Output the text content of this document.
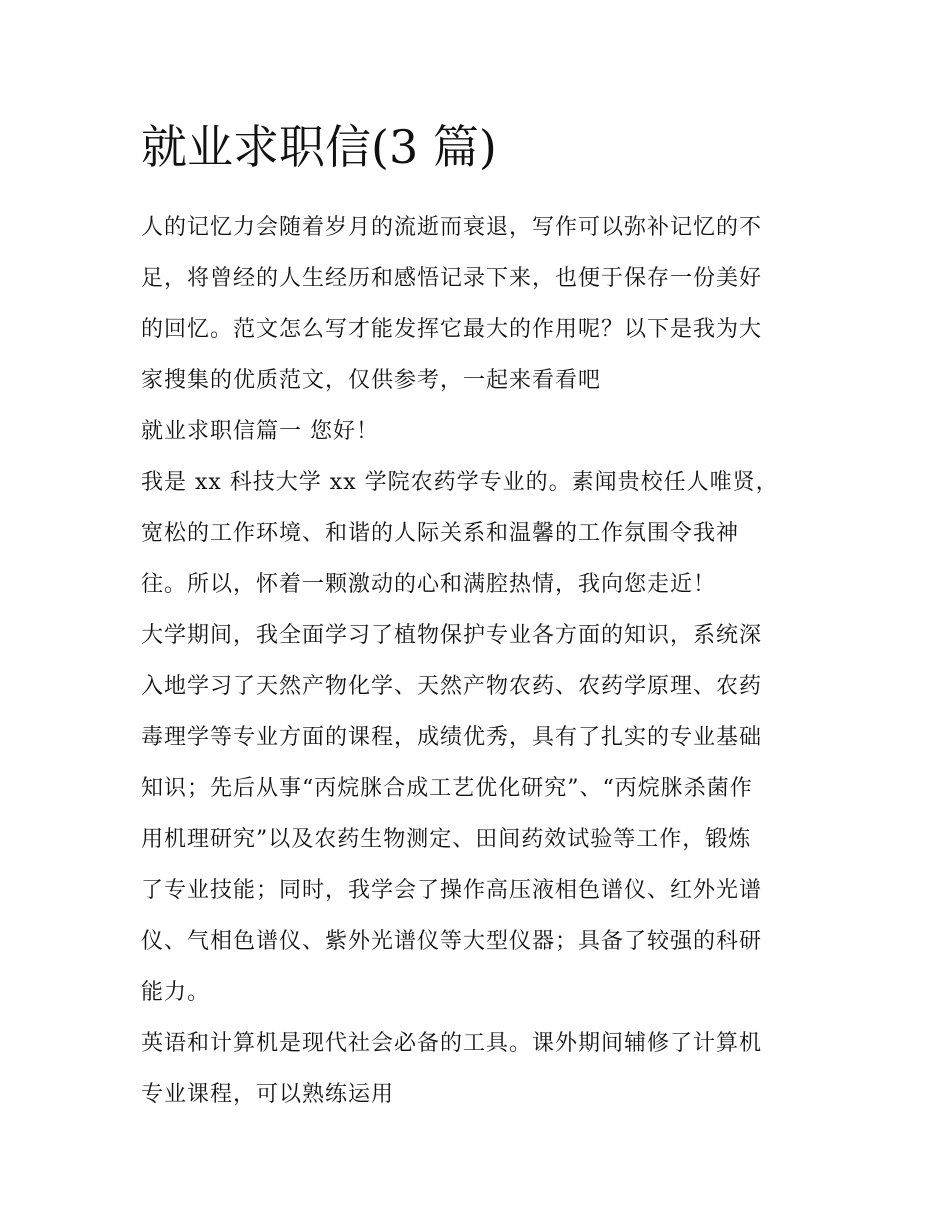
就业求职信(3 篇)

人的记忆力会随着岁月的流逝而衰退，写作可以弥补记忆的不
足，将曾经的人生经历和感悟记录下来，也便于保存一份美好
的回忆。范文怎么写才能发挥它最大的作用呢？以下是我为大
家搜集的优质范文，仅供参考，一起来看看吧

就业求职信篇一 您好！

我是 xx 科技大学 xx 学院农药学专业的。素闻贵校任人唯贤，
宽松的工作环境、和谐的人际关系和温馨的工作氛围令我神
往。所以，怀着一颗激动的心和满腔热情，我向您走近！

大学期间，我全面学习了植物保护专业各方面的知识，系统深
入地学习了天然产物化学、天然产物农药、农药学原理、农药
毒理学等专业方面的课程，成绩优秀，具有了扎实的专业基础
知识；先后从事“丙烷脒合成工艺优化研究”、“丙烷脒杀菌作
用机理研究”以及农药生物测定、田间药效试验等工作，锻炼
了专业技能；同时，我学会了操作高压液相色谱仪、红外光谱
仪、气相色谱仪、紫外光谱仪等大型仪器；具备了较强的科研
能力。

英语和计算机是现代社会必备的工具。课外期间辅修了计算机
专业课程，可以熟练运用
